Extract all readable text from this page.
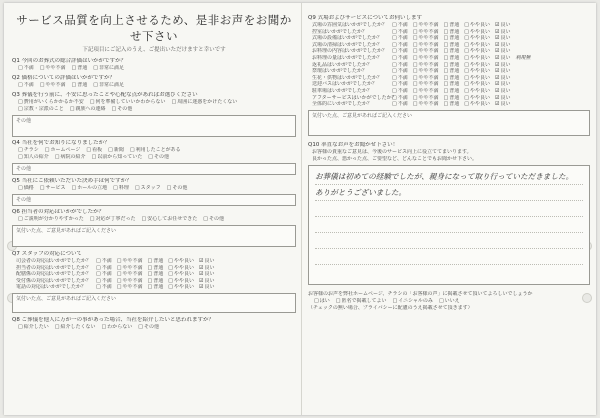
サービス品質を向上させるため、是非お声をお聞かせ下さい
下記項目にご記入のうえ、ご提出いただけますと幸いです
Q1 今回のお葬式の総合評価はいかがですか？
□ 不満 □ やや不満 □ 普通 □ 非常に満足
Q2 価格についての評価はいかがですか？
□ 不満 □ やや不満 □ 普通 □ 非常に満足
Q3 葬儀を行う前に、不安に思ったことや心配な点があればお選びください
□ 費用がいくらかかるか不安 □ 何を準備していいかわからない □ 周囲に迷惑をかけたくない
□ 宗教・宗派のこと □ 親族への連絡 □ その他
その他
Q4 当社を何でお知りになりましたか？
□ チラシ □ ホームページ □ 看板 □ 新聞 □ 利用したことがある
□ 知人の紹介 □ 病院の紹介 □ 以前から知っていた □ その他
その他
Q5 当社にご依頼いただいた決め手は何ですか？
□ 価格 □ サービス □ ホールの立地 □ 料理 □ スタッフ □ その他
その他
Q6 担当者の対応はいかがでしたか？
□ ご説明が分かりやすかった □ 対応が丁寧だった □ 安心してお任せできた □ その他
気付いた点、ご意見があればご記入ください
Q7 スタッフの対応について
司会者の対応はいかがでしたか？ □ 不満 □ やや不満 □ 普通 □ やや良い ☑ 良い
担当者の対応はいかがでしたか？ □ 不満 □ やや不満 □ 普通 □ やや良い ☑ 良い
配膳係の対応はいかがでしたか？ □ 不満 □ やや不満 □ 普通 □ やや良い ☑ 良い
受付係の対応はいかがでしたか？ □ 不満 □ やや不満 □ 普通 □ やや良い ☑ 良い
電話の対応はいかがでしたか？	□ 不満 □ やや不満 □ 普通 □ やや良い ☑ 良い
気付いた点、ご意見があればご記入ください
Q8 ご葬儀を他人に万が一の事があった場合、当社を紹介したいと思われますか？
□ 紹介したい □ 紹介したくない □ わからない □ その他
Q9 式場およびサービスについてお伺いします
式場の雰囲気はいかがでしたか？ □ 不満 □ やや不満 □ 普通 □ やや良い ☑ 良い
控室はいかがでしたか？	□ 不満 □ やや不満 □ 普通 □ やや良い ☑ 良い
式場の設備はいかがでしたか？	□ 不満 □ やや不満 □ 普通 □ やや良い ☑ 良い
式場の清掃はいかがでしたか？	□ 不満 □ やや不満 □ 普通 □ やや良い ☑ 良い
お料理の内容はいかがでしたか？ □ 不満 □ やや不満 □ 普通 □ やや良い ☑ 良い
お料理の量はいかがでしたか？	□ 不満 □ やや不満 □ 普通 □ やや良い ☑ 良い 利用無
返礼品はいかがでしたか？	□ 不満 □ やや不満 □ 普通 □ やや良い ☑ 良い
祭壇はいかがでしたか？	□ 不満 □ やや不満 □ 普通 □ やや良い ☑ 良い
生花・供物はいかがでしたか？	□ 不満 □ やや不満 □ 普通 □ やや良い ☑ 良い
送迎バスはいかがでしたか？	□ 不満 □ やや不満 □ 普通 □ やや良い ☑ 良い
駐車場はいかがでしたか？	□ 不満 □ やや不満 □ 普通 □ やや良い ☑ 良い
アフターサービスはいかがでしたか？□ 不満 □ やや不満 □ 普通 □ やや良い ☑ 良い
全体的にいかがでしたか？	□ 不満 □ やや不満 □ 普通 □ やや良い ☑ 良い
気付いた点、ご意見があればご記入ください
Q10 率直なお声をお聞かせ下さい！
お客様の貴重なご意見は、今後のサービス向上に役立ててまいります。
良かった点、悪かった点、ご要望など、どんなことでもお聞かせ下さい。
お葬儀は初めての経験でしたが、親身になって取り行っていただきました。
ありがとうございました。
お客様のお声を弊社ホームページ、チラシの「お客様の声」に掲載させて頂いてよろしいでしょうか
□ はい □ 匿名で掲載してよい □ イニシャルのみ □ いいえ
（チェックの無い場合、プライバシーに配慮のうえ掲載させて頂きます）
